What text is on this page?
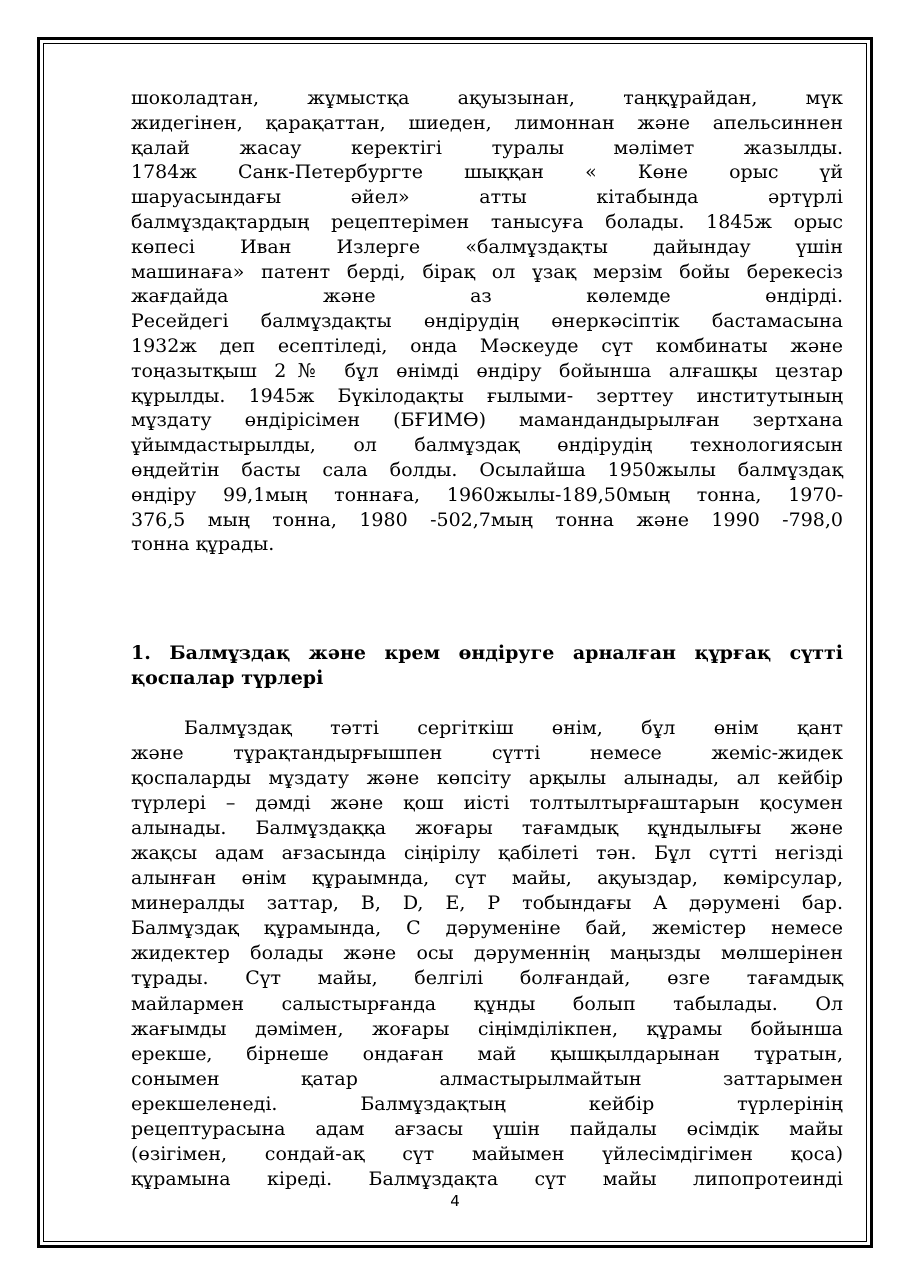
шоколадтан, жұмыстқа ақуызынан, таңқұрайдан, мүк
жидегінен, қарақаттан, шиеден, лимоннан және апельсиннен
қалай жасау керектігі туралы мәлімет жазылды.
1784ж Санк-Петербургте шыққан « Көне орыс үй
шаруасындағы әйел» атты кітабында әртүрлі
балмұздақтардың рецептерімен танысуға болады. 1845ж орыс
көпесі Иван Излерге «балмұздақты дайындау үшін
машинаға» патент берді, бірақ ол ұзақ мерзім бойы берекесіз
жағдайда және аз көлемде өндірді.
Ресейдегі балмұздақты өндірудің өнеркәсіптік бастамасына
1932ж деп есептіледі, онда Мәскеуде сүт комбинаты және
тоңазытқыш 2№ бұл өнімді өндіру бойынша алғашқы цезтар
құрылды. 1945ж Бүкілодақты ғылыми- зерттеу институтының
мұздату өндірісімен (БҒИМӨ) мамандандырылған зертхана
ұйымдастырылды, ол балмұздақ өндірудің технологиясын
өңдейтін басты сала болды. Осылайша 1950жылы балмұздақ
өндіру 99,1мың тоннаға, 1960жылы-189,50мың тонна, 1970-
376,5 мың тонна, 1980 -502,7мың тонна және 1990 -798,0
тонна құрады.
1. Балмұздақ және крем өндіруге арналған құрғақ сүтті
қоспалар түрлері
Балмұздақ тәтті сергіткіш өнім, бұл өнім қант
және тұрақтандырғышпен сүтті немесе жеміс-жидек
қоспаларды мұздату және көпсіту арқылы алынады, ал кейбір
түрлері – дәмді және қош иісті толтылтырғаштарын қосумен
алынады. Балмұздаққа жоғары тағамдық құндылығы және
жақсы адам ағзасында сіңірілу қабілеті тән. Бұл сүтті негізді
алынған өнім құраымнда, сүт майы, ақуыздар, көмірсулар,
минералды заттар, B, D, E, P тобындағы A дәрумені бар.
Балмұздақ құрамында, С дәруменіне бай, жемістер немесе
жидектер болады және осы дәруменнің маңызды мөлшерінен
тұрады. Сүт майы, белгілі болғандай, өзге тағамдық
майлармен салыстырғанда құнды болып табылады. Ол
жағымды дәмімен, жоғары сіңімділікпен, құрамы бойынша
ерекше, бірнеше ондаған май қышқылдарынан тұратын,
сонымен қатар алмастырылмайтын заттарымен
ерекшеленеді. Балмұздақтың кейбір түрлерінің
рецептурасына адам ағзасы үшін пайдалы өсімдік майы
(өзігімен, сондай-ақ сүт майымен үйлесімдігімен қоса)
құрамына кіреді. Балмұздақта сүт майы липопротеинді
4
